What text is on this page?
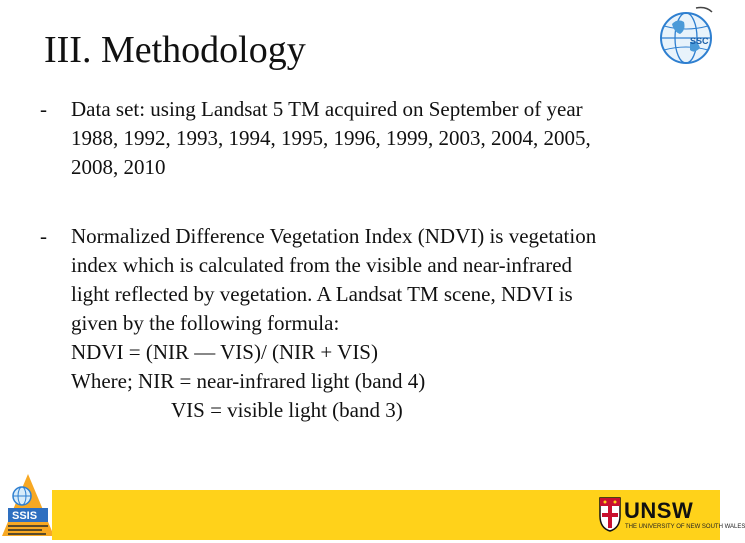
III. Methodology
- Data set: using Landsat 5 TM acquired on September of year
1988, 1992, 1993, 1994, 1995, 1996, 1999, 2003, 2004, 2005,
2008, 2010
- Normalized Difference Vegetation Index (NDVI) is vegetation
index which is calculated from the visible and near-infrared
light reflected by vegetation. A Landsat TM scene, NDVI is
given by the following formula:
NDVI = (NIR — VIS)/ (NIR + VIS)
Where; NIR = near-infrared light (band 4)
VIS = visible light (band 3)
SSC
SSIS	UNSW
THE UNIVERSITY OF NEW SOUTH WALES
